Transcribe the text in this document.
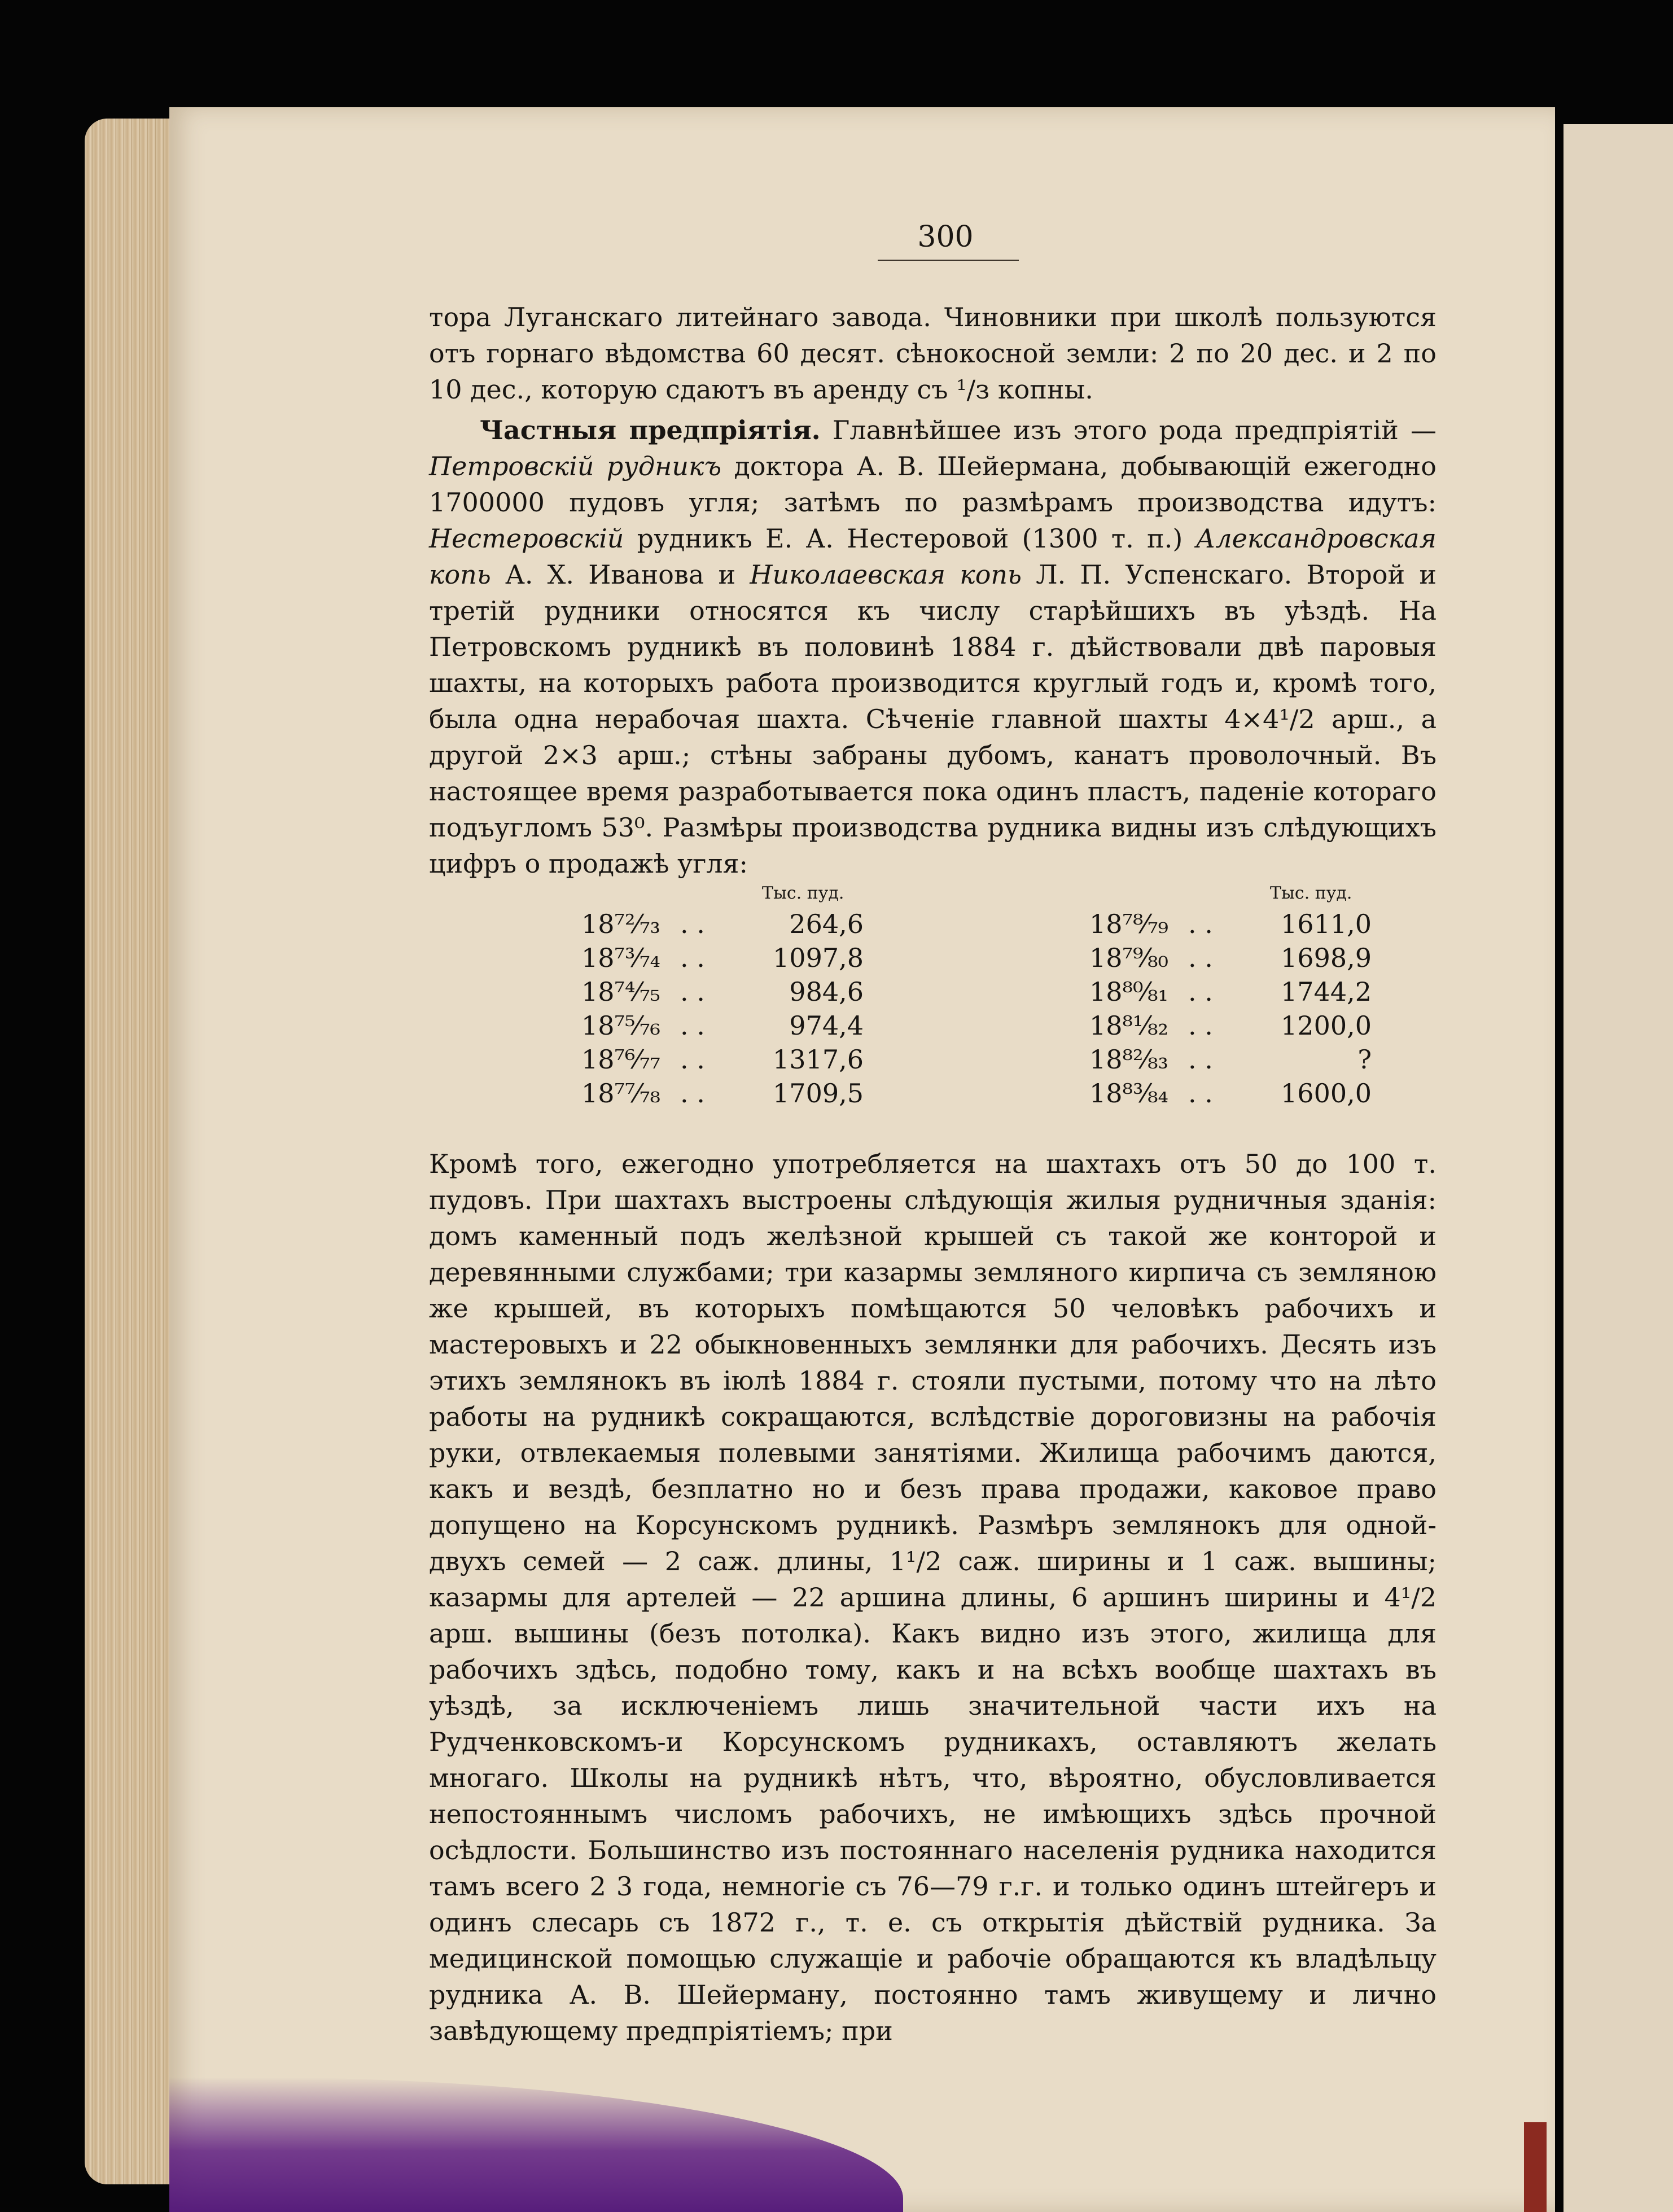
300

тора Луганскаго литейнаго завода. Чиновники при школѣ пользуются отъ горнаго вѣдомства 60 десят. сѣнокосной земли: 2 по 20 дес. и 2 по 10 дес., которую сдаютъ въ аренду съ ¹/з копны.

Частныя предпріятія. Главнѣйшее изъ этого рода предпріятій — Петровскій рудникъ доктора А. В. Шейермана, добывающій ежегодно 1700000 пудовъ угля; затѣмъ по размѣрамъ производства идутъ: Нестеровскій рудникъ Е. А. Нестеровой (1300 т. п.) Александровская копь А. Х. Иванова и Николаевская копь Л. П. Успенскаго. Второй и третій рудники относятся къ числу старѣйшихъ въ уѣздѣ. На Петровскомъ рудникѣ въ половинѣ 1884 г. дѣйствовали двѣ паровыя шахты, на которыхъ работа производится круглый годъ и, кромѣ того, была одна нерабочая шахта. Сѣченіе главной шахты 4×4¹/2 арш., а другой 2×3 арш.; стѣны забраны дубомъ, канатъ проволочный. Въ настоящее время разработывается пока одинъ пластъ, паденіе котораго подъугломъ 53⁰. Размѣры производства рудника видны изъ слѣдующихъ цифръ о продажѣ угля:

Тыс. пуд.
18⁷²⁄₇₃ . .	264,6
18⁷³⁄₇₄ . .	1097,8
18⁷⁴⁄₇₅ . .	984,6
18⁷⁵⁄₇₆ . .	974,4
18⁷⁶⁄₇₇ . .	1317,6
18⁷⁷⁄₇₈ . .	1709,5
Тыс. пуд.
18⁷⁸⁄₇₉ . .	1611,0
18⁷⁹⁄₈₀ . .	1698,9
18⁸⁰⁄₈₁ . .	1744,2
18⁸¹⁄₈₂ . .	1200,0
18⁸²⁄₈₃ . .	?
18⁸³⁄₈₄ . .	1600,0

Кромѣ того, ежегодно употребляется на шахтахъ отъ 50 до 100 т. пудовъ. При шахтахъ выстроены слѣдующія жилыя рудничныя зданія: домъ каменный подъ желѣзной крышей съ такой же конторой и деревянными службами; три казармы земляного кирпича съ земляною же крышей, въ которыхъ помѣщаются 50 человѣкъ рабочихъ и мастеровыхъ и 22 обыкновенныхъ землянки для рабочихъ. Десять изъ этихъ землянокъ въ іюлѣ 1884 г. стояли пустыми, потому что на лѣто работы на рудникѣ сокращаются, вслѣдствіе дороговизны на рабочія руки, отвлекаемыя полевыми занятіями. Жилища рабочимъ даются, какъ и вездѣ, безплатно но и безъ права продажи, каковое право допущено на Корсунскомъ рудникѣ. Размѣръ землянокъ для одной-двухъ семей — 2 саж. длины, 1¹/2 саж. ширины и 1 саж. вышины; казармы для артелей — 22 аршина длины, 6 аршинъ ширины и 4¹/2 арш. вышины (безъ потолка). Какъ видно изъ этого, жилища для рабочихъ здѣсь, подобно тому, какъ и на всѣхъ вообще шахтахъ въ уѣздѣ, за исключеніемъ лишь значительной части ихъ на Рудченковскомъ-и Корсунскомъ рудникахъ, оставляютъ желать многаго. Школы на рудникѣ нѣтъ, что, вѣроятно, обусловливается непостояннымъ числомъ рабочихъ, не имѣющихъ здѣсь прочной осѣдлости. Большинство изъ постояннаго населенія рудника находится тамъ всего 2 3 года, немногіе съ 76—79 г.г. и только одинъ штейгеръ и одинъ слесарь съ 1872 г., т. е. съ открытія дѣйствій рудника. За медицинской помощью служащіе и рабочіе обращаются къ владѣльцу рудника А. В. Шейерману, постоянно тамъ живущему и лично завѣдующему предпріятіемъ; при
